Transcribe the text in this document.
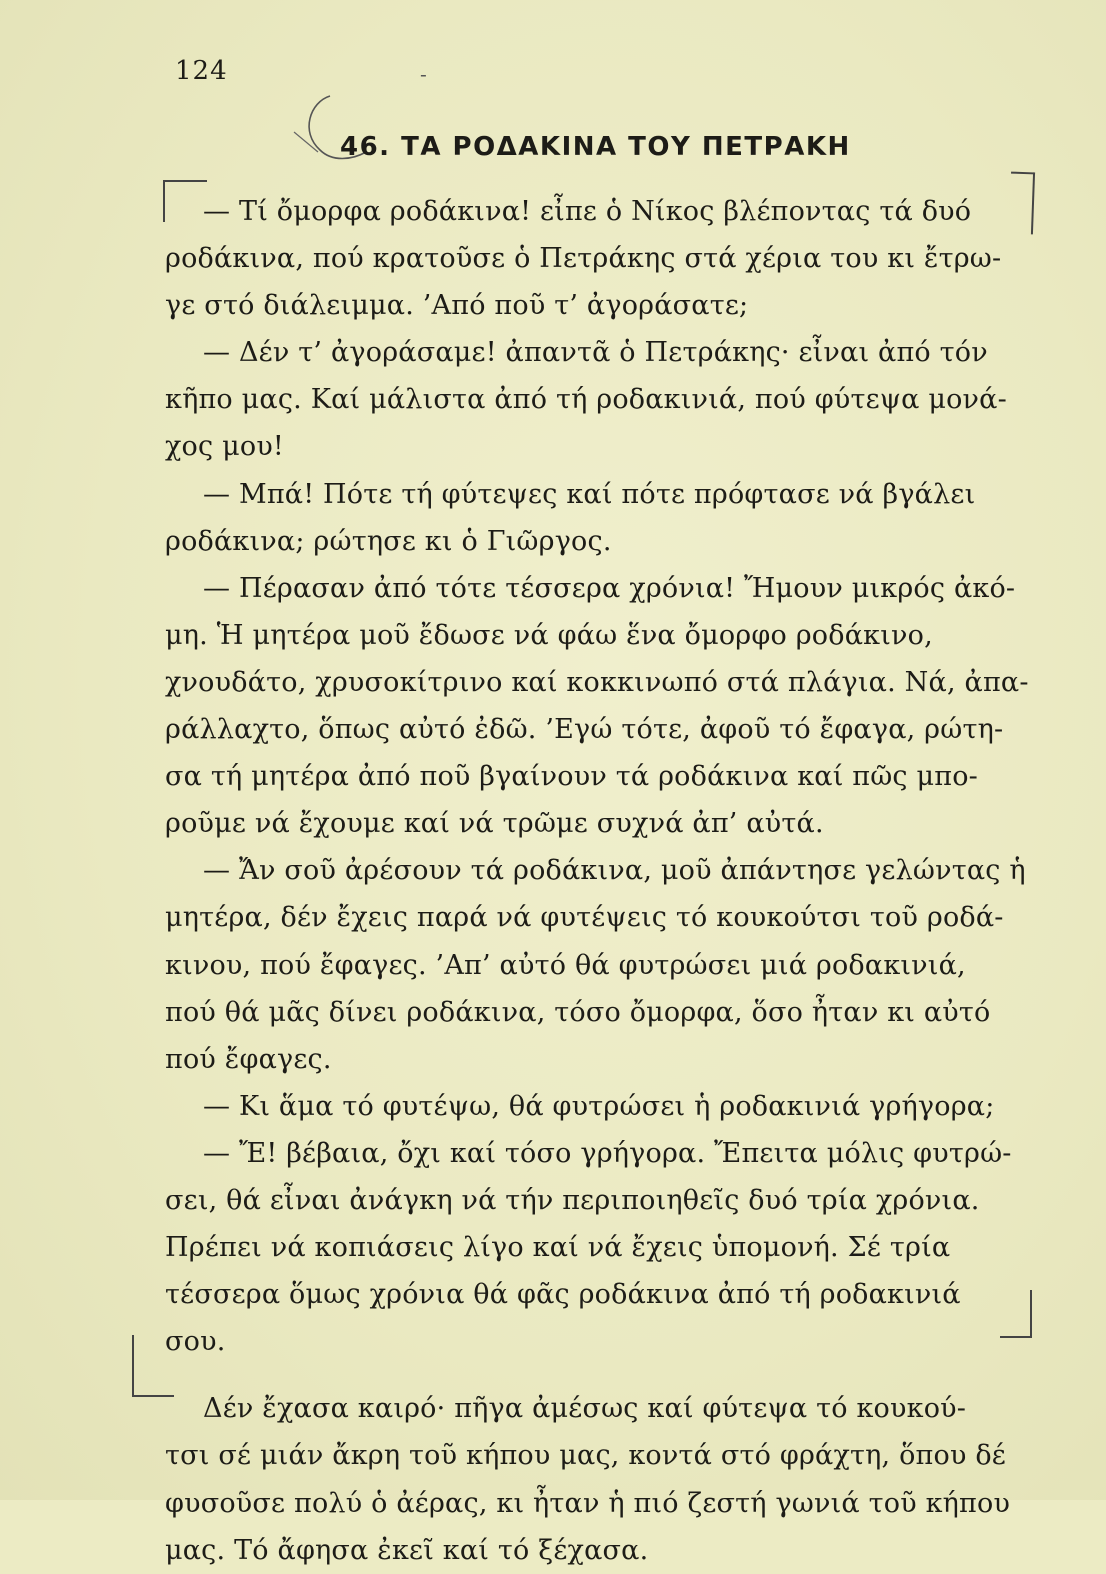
124	-
46. ΤΑ ΡΟΔΑΚΙΝΑ ΤΟΥ ΠΕΤΡΑΚΗ
— Τί ὄμορφα ροδάκινα! εἶπε ὁ Νίκος βλέποντας τά δυό
ροδάκινα, πού κρατοῦσε ὁ Πετράκης στά χέρια του κι ἔτρω-
γε στό διάλειμμα. ’Από ποῦ τ’ ἀγοράσατε;
— Δέν τ’ ἀγοράσαμε! ἀπαντᾶ ὁ Πετράκης· εἶναι ἀπό τόν
κῆπο μας. Καί μάλιστα ἀπό τή ροδακινιά, πού φύτεψα μονά-
χος μου!
— Μπά! Πότε τή φύτεψες καί πότε πρόφτασε νά βγάλει
ροδάκινα; ρώτησε κι ὁ Γιῶργος.
— Πέρασαν ἀπό τότε τέσσερα χρόνια! Ἤμουν μικρός ἀκό-
μη. Ἡ μητέρα μοῦ ἔδωσε νά φάω ἕνα ὄμορφο ροδάκινο,
χνουδάτο, χρυσοκίτρινο καί κοκκινωπό στά πλάγια. Νά, ἀπα-
ράλλαχτο, ὅπως αὐτό ἐδῶ. ’Εγώ τότε, ἀφοῦ τό ἔφαγα, ρώτη-
σα τή μητέρα ἀπό ποῦ βγαίνουν τά ροδάκινα καί πῶς μπο-
ροῦμε νά ἔχουμε καί νά τρῶμε συχνά ἀπ’ αὐτά.
— Ἄν σοῦ ἀρέσουν τά ροδάκινα, μοῦ ἀπάντησε γελώντας ἡ
μητέρα, δέν ἔχεις παρά νά φυτέψεις τό κουκούτσι τοῦ ροδά-
κινου, πού ἔφαγες. ’Απ’ αὐτό θά φυτρώσει μιά ροδακινιά,
πού θά μᾶς δίνει ροδάκινα, τόσο ὄμορφα, ὅσο ἦταν κι αὐτό
πού ἔφαγες.
— Κι ἅμα τό φυτέψω, θά φυτρώσει ἡ ροδακινιά γρήγορα;
— Ἔ! βέβαια, ὄχι καί τόσο γρήγορα. Ἔπειτα μόλις φυτρώ-
σει, θά εἶναι ἀνάγκη νά τήν περιποιηθεῖς δυό τρία χρόνια.
Πρέπει νά κοπιάσεις λίγο καί νά ἔχεις ὑπομονή. Σέ τρία
τέσσερα ὅμως χρόνια θά φᾶς ροδάκινα ἀπό τή ροδακινιά
σου.
Δέν ἔχασα καιρό· πῆγα ἀμέσως καί φύτεψα τό κουκού-
τσι σέ μιάν ἄκρη τοῦ κήπου μας, κοντά στό φράχτη, ὅπου δέ
φυσοῦσε πολύ ὁ ἀέρας, κι ἦταν ἡ πιό ζεστή γωνιά τοῦ κήπου
μας. Τό ἄφησα ἐκεῖ καί τό ξέχασα.
